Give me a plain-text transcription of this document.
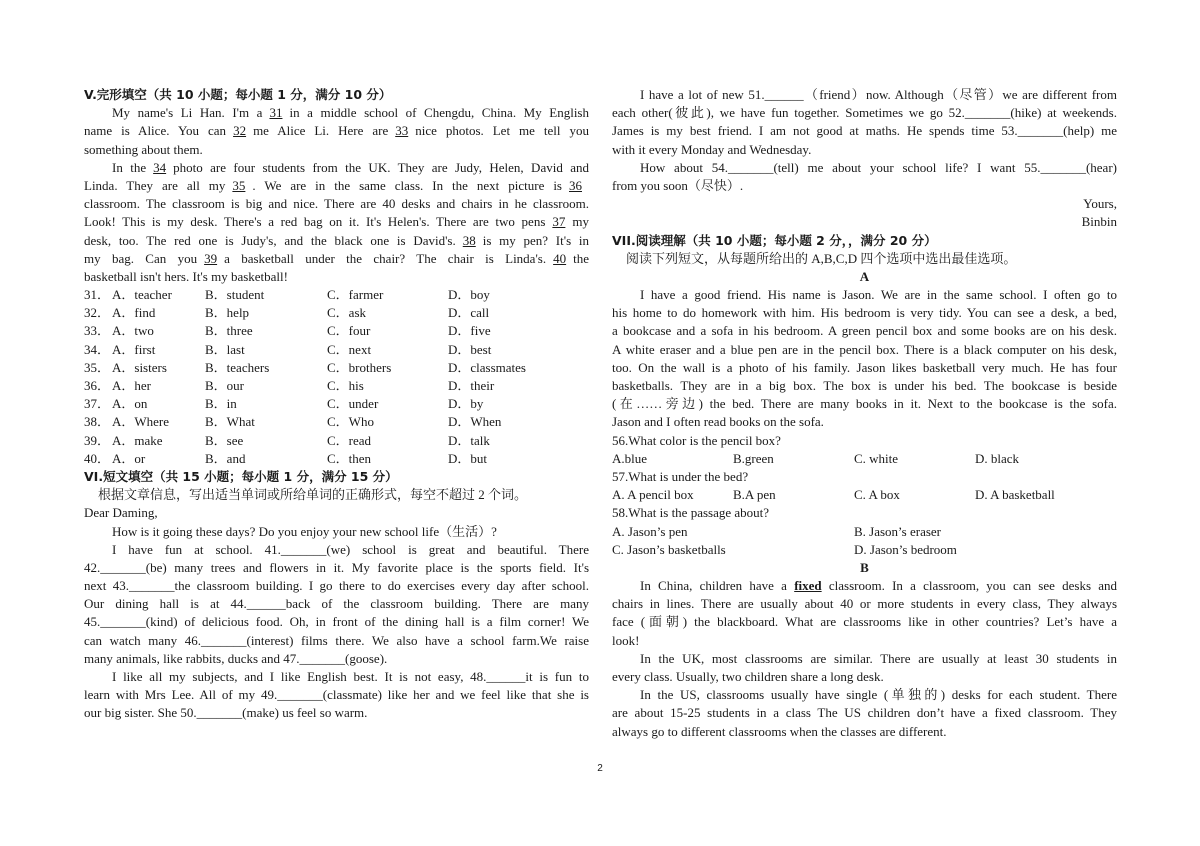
V.完形填空（共 10 小题；每小题 1 分，满分 10 分）
My name's Li Han. I'm a 31 in a middle school of Chengdu, China. My English
name is Alice. You can 32 me Alice Li. Here are 33 nice photos. Let me tell you
something about them.
In the 34 photo are four students from the UK. They are Judy, Helen, David and
Linda. They are all my 35 . We are in the same class. In the next picture is 36
classroom. The classroom is big and nice. There are 40 desks and chairs in he classroom.
Look! This is my desk. There's a red bag on it. It's Helen's. There are two pens 37 my
desk, too. The red one is Judy's, and the black one is David's. 38 is my pen? It's in
my bag. Can you 39 a basketball under the chair? The chair is Linda's. 40 the
basketball isn't hers. It's my basketball!
31． A．teacher	B．student	C．farmer	D．boy
32． A．find	B．help	C．ask	D．call
33． A．two	B．three	C．four	D．five
34． A．first	B．last	C．next	D．best
35． A．sisters	B．teachers	C．brothers	D．classmates
36． A．her	B．our	C．his	D．their
37． A．on	B．in	C．under	D．by
38． A．Where	B．What	C．Who	D．When
39． A．make	B．see	C．read	D．talk
40． A．or	B．and	C．then	D．but
VI.短文填空（共 15 小题；每小题 1 分，满分 15 分）
根据文章信息，写出适当单词或所给单词的正确形式，每空不超过 2 个词。
Dear Daming,
How is it going these days? Do you enjoy your new school life（生活）?
I have fun at school. 41._______(we) school is great and beautiful. There
42._______(be) many trees and flowers in it. My favorite place is the sports field. It's
next 43._______the classroom building. I go there to do exercises every day after school.
Our dining hall is at 44.______back of the classroom building. There are many
45._______(kind) of delicious food. Oh, in front of the dining hall is a film corner! We
can watch many 46._______(interest) films there. We also have a school farm.We raise
many animals, like rabbits, ducks and 47._______(goose).
I like all my subjects, and I like English best. It is not easy, 48.______it is fun to
learn with Mrs Lee. All of my 49._______(classmate) like her and we feel like that she is
our big sister. She 50._______(make) us feel so warm.
I have a lot of new 51.______（friend）now. Although（尽管）we are different from
each other(彼此), we have fun together. Sometimes we go 52._______(hike) at weekends.
James is my best friend. I am not good at maths. He spends time 53._______(help) me
with it every Monday and Wednesday.
How about 54._______(tell) me about your school life? I want 55._______(hear)
from you soon（尽快）.
Yours,
Binbin
VII.阅读理解（共 10 小题；每小题 2 分，，满分 20 分）
阅读下列短文，从每题所给出的 A,B,C,D 四个选项中选出最佳选项。
A
I have a good friend. His name is Jason. We are in the same school. I often go to
his home to do homework with him. His bedroom is very tidy. You can see a desk, a bed,
a bookcase and a sofa in his bedroom. A green pencil box and some books are on his desk.
A white eraser and a blue pen are in the pencil box. There is a black computer on his desk,
too. On the wall is a photo of his family. Jason likes basketball very much. He has four
basketballs. They are in a big box. The box is under his bed. The bookcase is beside
(在……旁边) the bed. There are many books in it. Next to the bookcase is the sofa.
Jason and I often read books on the sofa.
56.What color is the pencil box?
A.blue	B.green	C. white	D. black
57.What is under the bed?
A. A pencil box	B.A pen	C. A box	D. A basketball
58.What is the passage about?
A. Jason’s pen	B. Jason’s eraser
C. Jason’s basketballs	D. Jason’s bedroom
B
In China, children have a fixed classroom. In a classroom, you can see desks and
chairs in lines. There are usually about 40 or more students in every class, They always
face (面朝) the blackboard. What are classrooms like in other countries? Let’s have a
look!
In the UK, most classrooms are similar. There are usually at least 30 students in
every class. Usually, two children share a long desk.
In the US, classrooms usually have single (单独的) desks for each student. There
are about 15-25 students in a class The US children don’t have a fixed classroom. They
always go to different classrooms when the classes are different.
2
